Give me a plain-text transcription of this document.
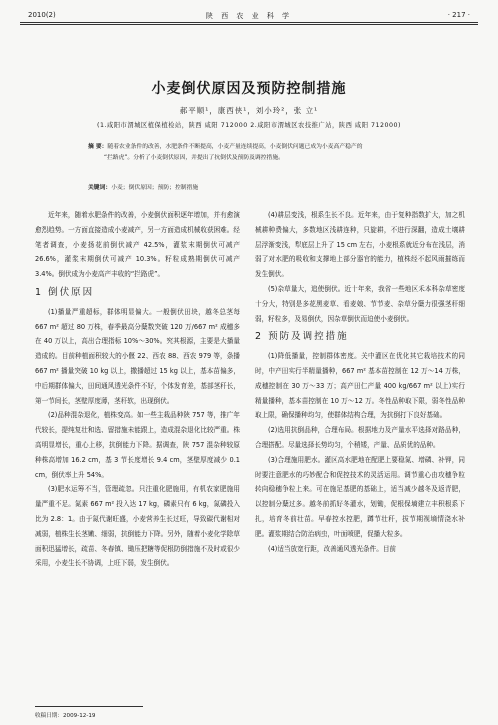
2010(2)	陕 西 农 业 科 学	· 217 ·
小麦倒伏原因及预防控制措施
郝平顺¹，康西侠¹，刘小玲²，张 立¹
(1.咸阳市渭城区植保植检站，陕西 咸阳 712000 2.咸阳市渭城区农技推广站，陕西 咸阳 712000)
摘 要：随着农业条件的改善，水肥条件不断提高，小麦产量连续提高，小麦倒伏问题已成为小麦高产稳产的
“拦路虎”。分析了小麦倒伏原因，并提出了抗倒伏及预防及调控措施。
关键词：小麦；倒伏原因；预防；控制措施

近年来，随着水肥条件的改善，小麦倒伏面积逐年增加，并有愈演愈烈趋势。一方面直接造成小麦减产，另一方面造成机械收获困难。经笔者调查，小麦扬花前倒伏减产 42.5%，灌浆末期倒伏可减产 26.6%，灌浆末期倒伏可减产 10.3%。籽粒成熟期倒伏可减产 3.4%。倒伏成为小麦高产丰收的“拦路虎”。

1 倒伏原因

(1)播量严重超标，群体明显偏大。一般倒伏田块，越冬总茎每 667 m² 超过 80 万株，春季最高分蘖数突破 120 万/667 m² 成穗多在 40 万以上，高出合理指标 10%～30%。究其根源，主要是大播量造成的。目前种植面积较大的小偃 22、西农 88、西农 979 等，条播 667 m² 播量突破 10 kg 以上，撒播超过 15 kg 以上，基本苗偏多，中后期群体偏大，田间通风透光条件不好，个体发育差，基部茎秆长，第一节间长，茎壁厚度薄，茎秆软，出现倒伏。

(2)品种混杂退化，植株变高。如一些主栽品种陕 757 等，推广年代较长，提纯复壮和选、留措施未能跟上，造成混杂退化比较严重。株高明显增长，重心上移，抗倒能力下降。据调查，陕 757 混杂种较原种株高增加 16.2 cm，基 3 节长度增长 9.4 cm，茎壁厚度减少 0.1 cm，倒伏率上升 54%。

(3)肥水运筹不当，管理疏忽。只注重化肥施用，有机农家肥施用量严重不足。氮素 667 m² 投入达 17 kg，磷素只有 6 kg，氮磷投入比为 2.8：1。由于氮代谢旺盛，小麦营养生长过旺，导致碳代谢相对减弱，植株生长茎嫩、细弱，抗倒能力下降。另外，随着小麦化学除草面积迅猛增长，疏苗、冬春镇、锄压把糖等促根防倒措施不及时或很少采用，小麦生长不协调，上旺下弱，发生倒伏。

(4)耕层变浅，根系生长不良。近年来，由于复种指数扩大，加之机械耕种费偏大，多数地区浅耕连种，只旋耕，不进行深翻，造成土壤耕层浮渐变浅，犁底层上升了 15 cm 左右，小麦根系就近分布在浅层，消弱了对水肥的吸收和支撑地上部分器官的能力，植株经不起风雨摧练而发生倒伏。

(5)杂草量大，追使倒伏。近十年来，我省一些地区禾本科杂草密度十分大，特别是多花黑麦草、看麦娘、节节麦、杂草分蘖力很强茎秆细弱，籽粒多，及易倒伏，因杂草倒伏而迫使小麦倒伏。

2 预防及调控措施

(1)降低播量，控制群体密度。关中灌区在优化其它栽培技术的同时，中产田实行半精量播种，667 m² 基本苗控制在 12 万～14 万株，成穗控制在 30 万～33 万；高产田仁产量 400 kg/667 m² 以上)实行精量播种，基本苗控制在 10 万～12 万。冬性品种取下限，弱冬性品种取上限，确保播种均匀，使群体结构合理，为抗倒打下良好基础。

(2)选用抗倒品种，合理布局。根据地力及产量水平选择对路品种，合理搭配。尽量选择长势均匀，个稍矮，产量、品质优的品种。

(3)合理施用肥水。灌区高水肥地在配肥上要稳氮、增磷、补钾，同时要注意肥水的巧妙配合和促控技术的灵活运用。调节重心由攻穗争粒转向稳穗争粒上来。可在施足基肥的基础上，适当减少越冬及返青肥，以控制分蘖过多。越冬前抓好冬灌水，划锄，促根保墒建立丰积根系下扎，培育冬前壮苗。早春控水控肥，蹲节壮秆，拔节期视墒情浇水补肥。灌浆期结合防治病虫，叶面喷肥，促播大粒多。

(4)适当放宽行距，改善通风透光条件。目前

收稿日期：2009-12-19
